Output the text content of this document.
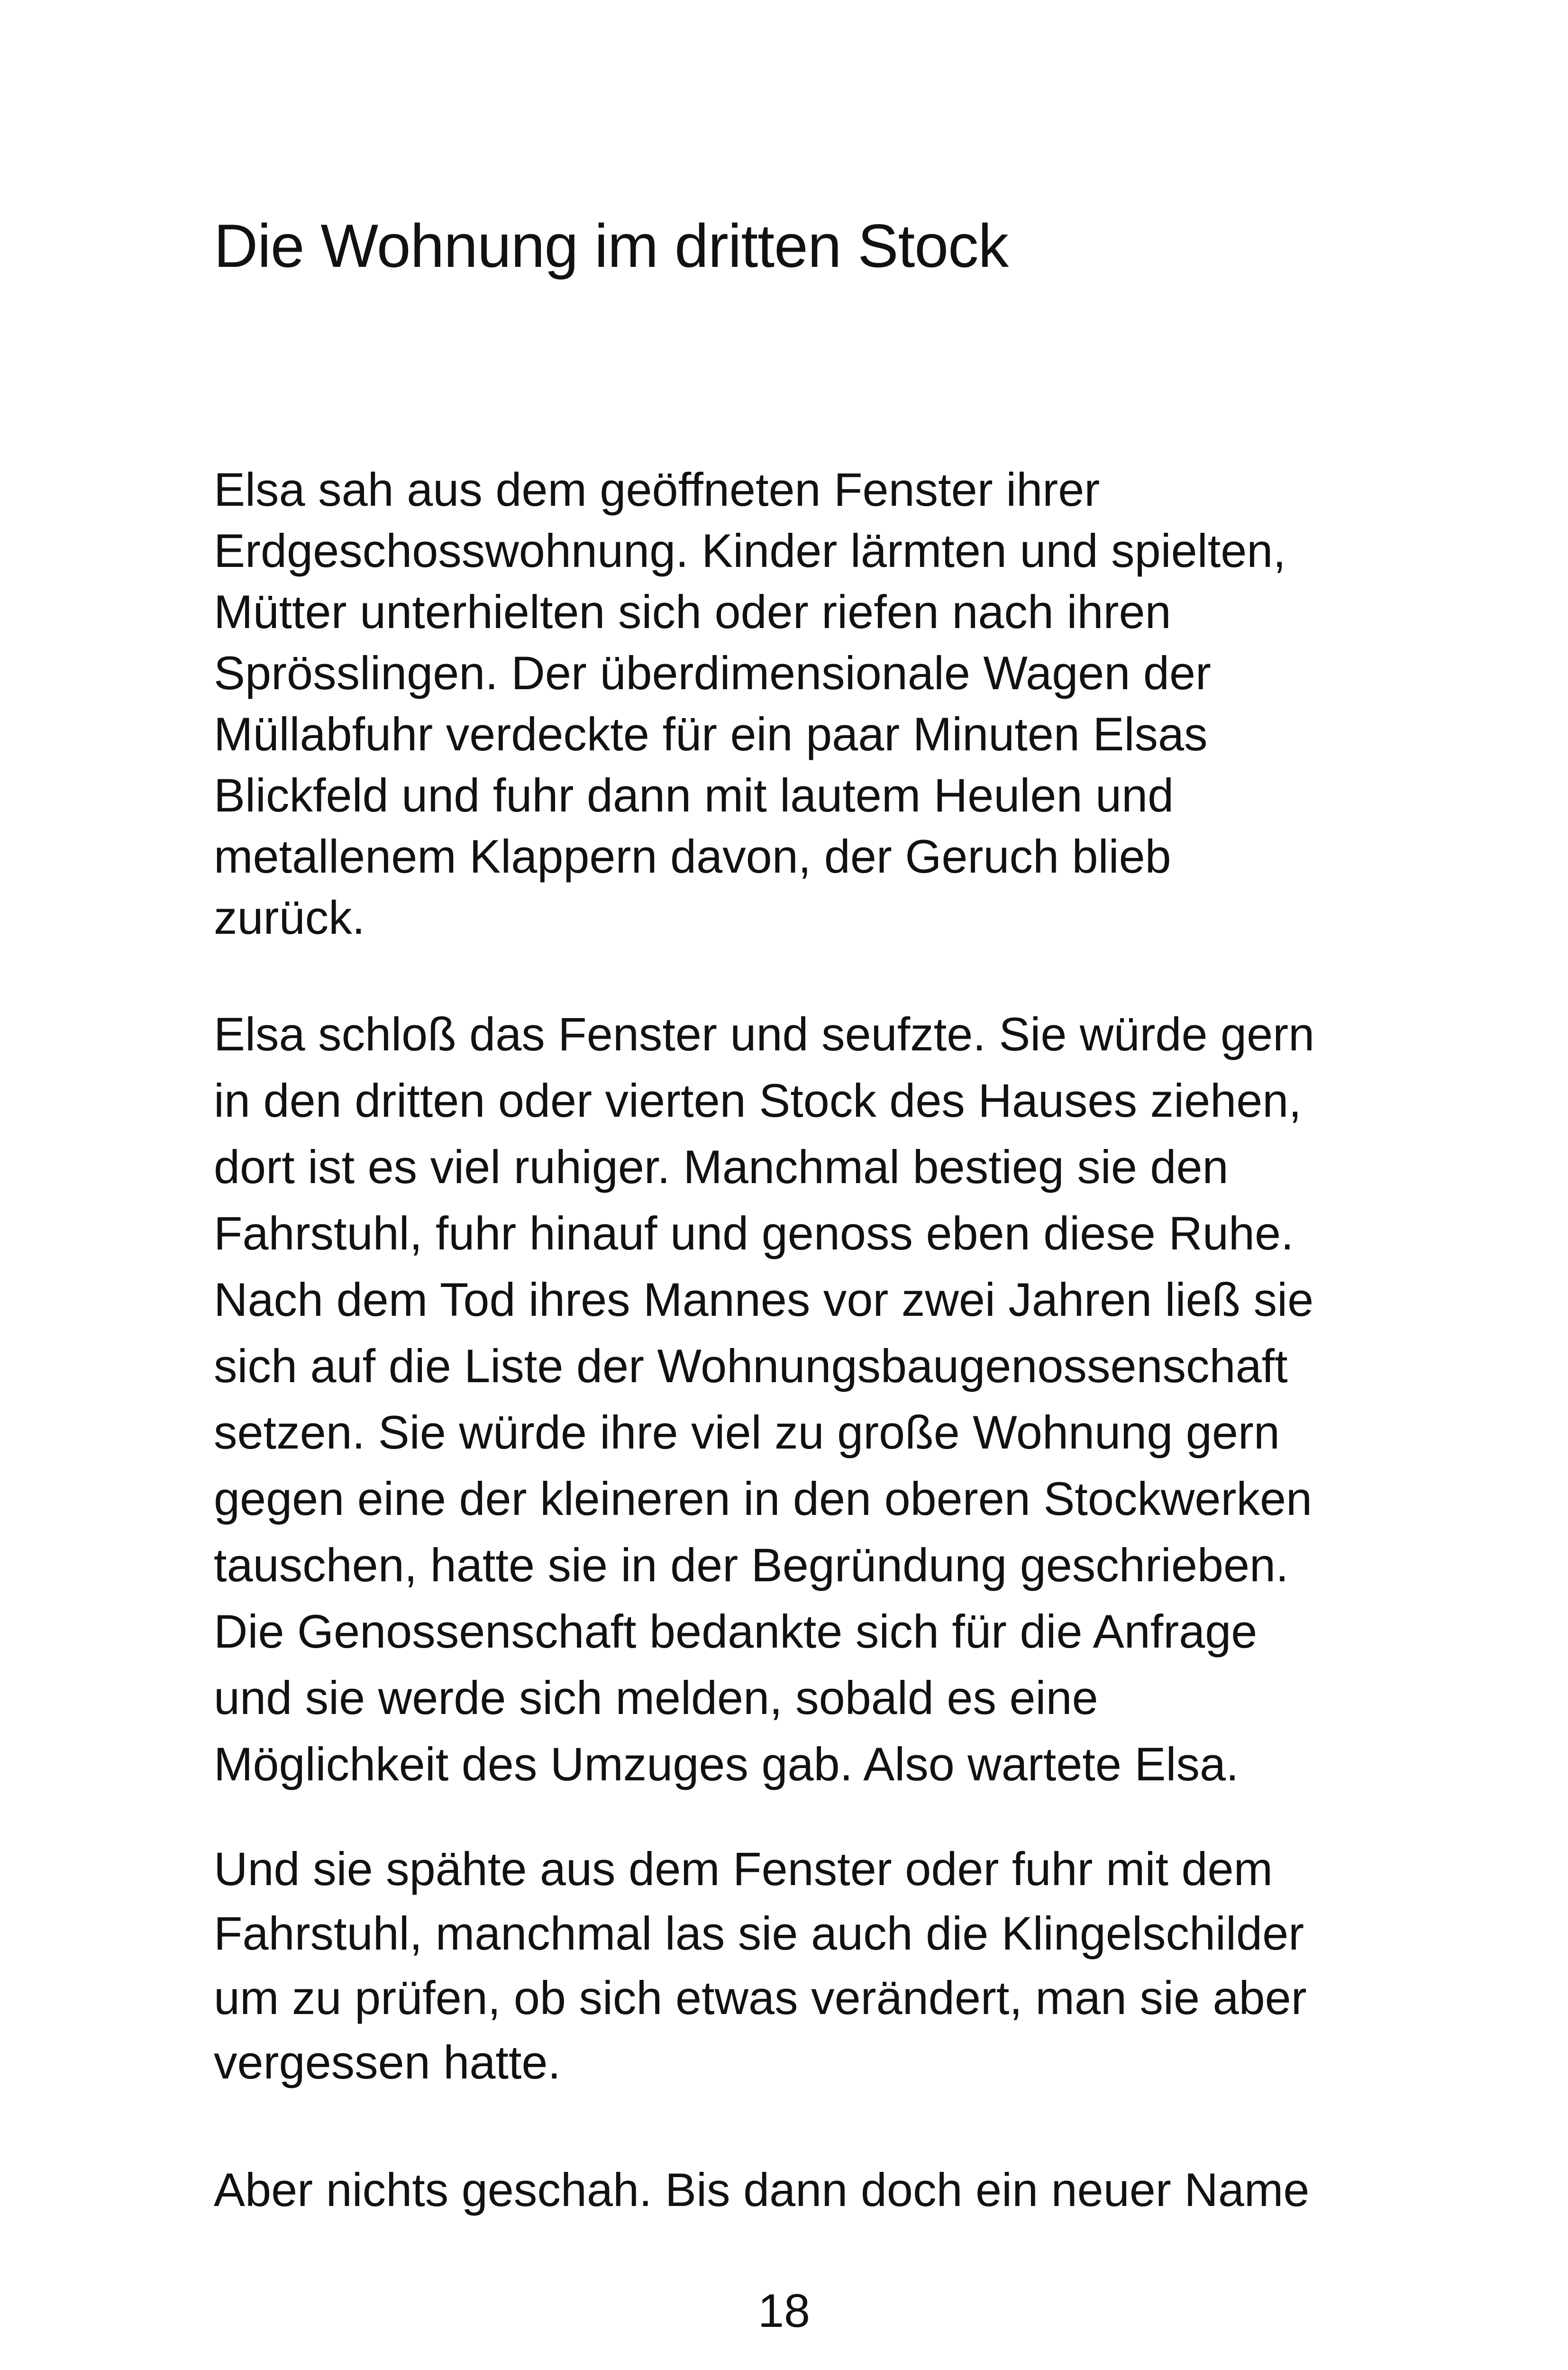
Die Wohnung im dritten Stock

Elsa sah aus dem geöffneten Fenster ihrer
Erdgeschosswohnung. Kinder lärmten und spielten,
Mütter unterhielten sich oder riefen nach ihren
Sprösslingen. Der überdimensionale Wagen der
Müllabfuhr verdeckte für ein paar Minuten Elsas
Blickfeld und fuhr dann mit lautem Heulen und
metallenem Klappern davon, der Geruch blieb
zurück.

Elsa schloß das Fenster und seufzte. Sie würde gern
in den dritten oder vierten Stock des Hauses ziehen,
dort ist es viel ruhiger. Manchmal bestieg sie den
Fahrstuhl, fuhr hinauf und genoss eben diese Ruhe.
Nach dem Tod ihres Mannes vor zwei Jahren ließ sie
sich auf die Liste der Wohnungsbaugenossenschaft
setzen. Sie würde ihre viel zu große Wohnung gern
gegen eine der kleineren in den oberen Stockwerken
tauschen, hatte sie in der Begründung geschrieben.
Die Genossenschaft bedankte sich für die Anfrage
und sie werde sich melden, sobald es eine
Möglichkeit des Umzuges gab. Also wartete Elsa.

Und sie spähte aus dem Fenster oder fuhr mit dem
Fahrstuhl, manchmal las sie auch die Klingelschilder
um zu prüfen, ob sich etwas verändert, man sie aber
vergessen hatte.

Aber nichts geschah. Bis dann doch ein neuer Name

18
